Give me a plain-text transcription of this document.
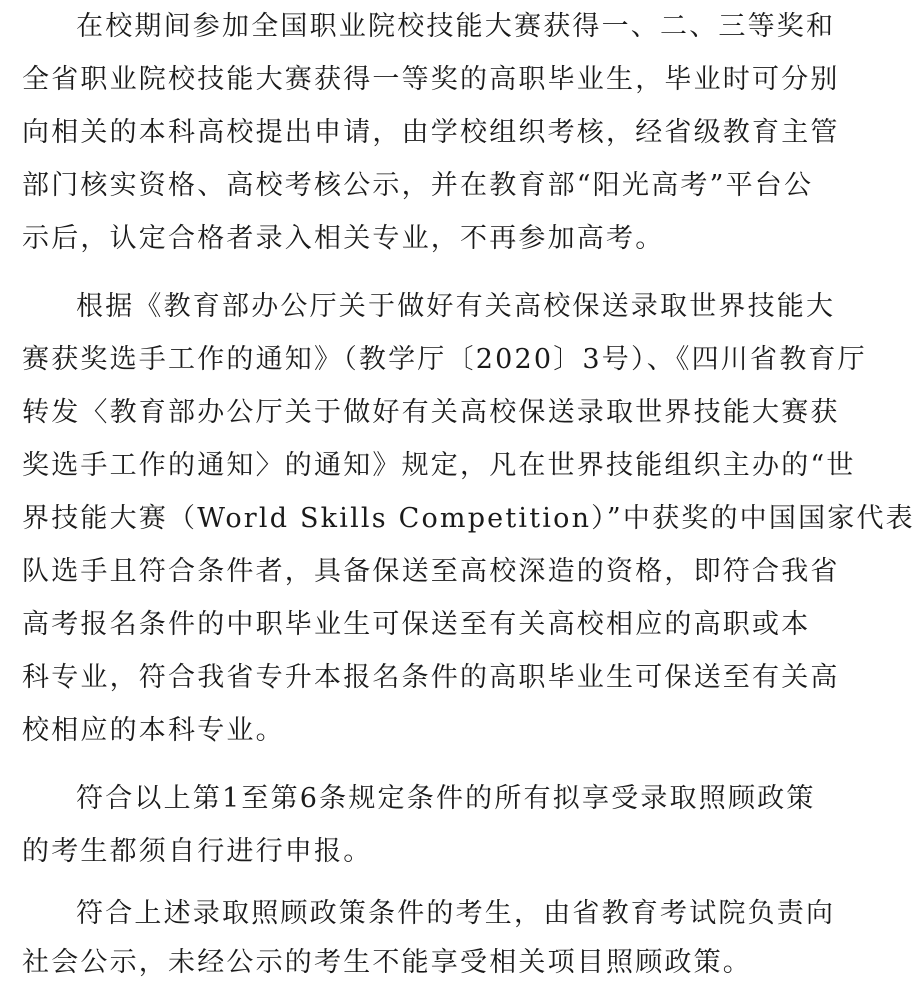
在校期间参加全国职业院校技能大赛获得一、二、三等奖和
全省职业院校技能大赛获得一等奖的高职毕业生，毕业时可分别
向相关的本科高校提出申请，由学校组织考核，经省级教育主管
部门核实资格、高校考核公示，并在教育部“阳光高考”平台公
示后，认定合格者录入相关专业，不再参加高考。
根据《教育部办公厅关于做好有关高校保送录取世界技能大
赛获奖选手工作的通知》（教学厅〔2020〕3号）、《四川省教育厅
转发〈教育部办公厅关于做好有关高校保送录取世界技能大赛获
奖选手工作的通知〉的通知》规定，凡在世界技能组织主办的“世
界技能大赛（World Skills Competition）”中获奖的中国国家代表
队选手且符合条件者，具备保送至高校深造的资格，即符合我省
高考报名条件的中职毕业生可保送至有关高校相应的高职或本
科专业，符合我省专升本报名条件的高职毕业生可保送至有关高
校相应的本科专业。
符合以上第1至第6条规定条件的所有拟享受录取照顾政策
的考生都须自行进行申报。
符合上述录取照顾政策条件的考生，由省教育考试院负责向
社会公示，未经公示的考生不能享受相关项目照顾政策。
